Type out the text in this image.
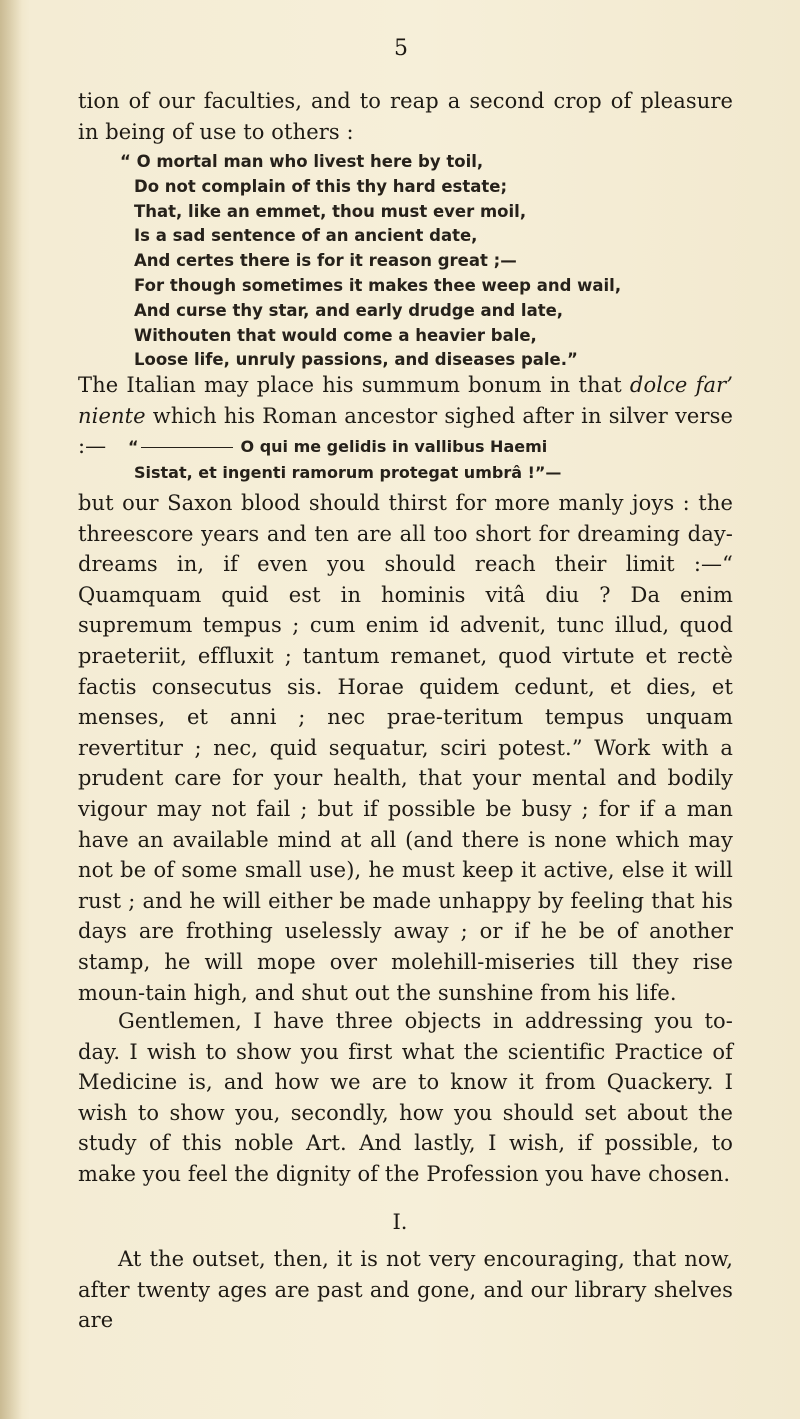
5
tion of our faculties, and to reap a second crop of pleasure in being of use to others :
“ O mortal man who livest here by toil,
Do not complain of this thy hard estate;
That, like an emmet, thou must ever moil,
Is a sad sentence of an ancient date,
And certes there is for it reason great ;—
For though sometimes it makes thee weep and wail,
And curse thy star, and early drudge and late,
Withouten that would come a heavier bale,
Loose life, unruly passions, and diseases pale.”
The Italian may place his summum bonum in that dolce far’ niente which his Roman ancestor sighed after in silver verse :—	“	O qui me gelidis in vallibus Haemi
Sistat, et ingenti ramorum protegat umbrâ !”—
but our Saxon blood should thirst for more manly joys : the threescore years and ten are all too short for dreaming day-dreams in, if even you should reach their limit :—“ Quamquam quid est in hominis vitâ diu ? Da enim supremum tempus ; cum enim id advenit, tunc illud, quod praeteriit, effluxit ; tantum remanet, quod virtute et rectè factis consecutus sis. Horae quidem cedunt, et dies, et menses, et anni ; nec prae-teritum tempus unquam revertitur ; nec, quid sequatur, sciri potest.” Work with a prudent care for your health, that your mental and bodily vigour may not fail ; but if possible be busy ; for if a man have an available mind at all (and there is none which may not be of some small use), he must keep it active, else it will rust ; and he will either be made unhappy by feeling that his days are frothing uselessly away ; or if he be of another stamp, he will mope over molehill-miseries till they rise moun-tain high, and shut out the sunshine from his life.
Gentlemen, I have three objects in addressing you to-day. I wish to show you first what the scientific Practice of Medicine is, and how we are to know it from Quackery. I wish to show you, secondly, how you should set about the study of this noble Art. And lastly, I wish, if possible, to make you feel the dignity of the Profession you have chosen.
I.
At the outset, then, it is not very encouraging, that now, after twenty ages are past and gone, and our library shelves are
